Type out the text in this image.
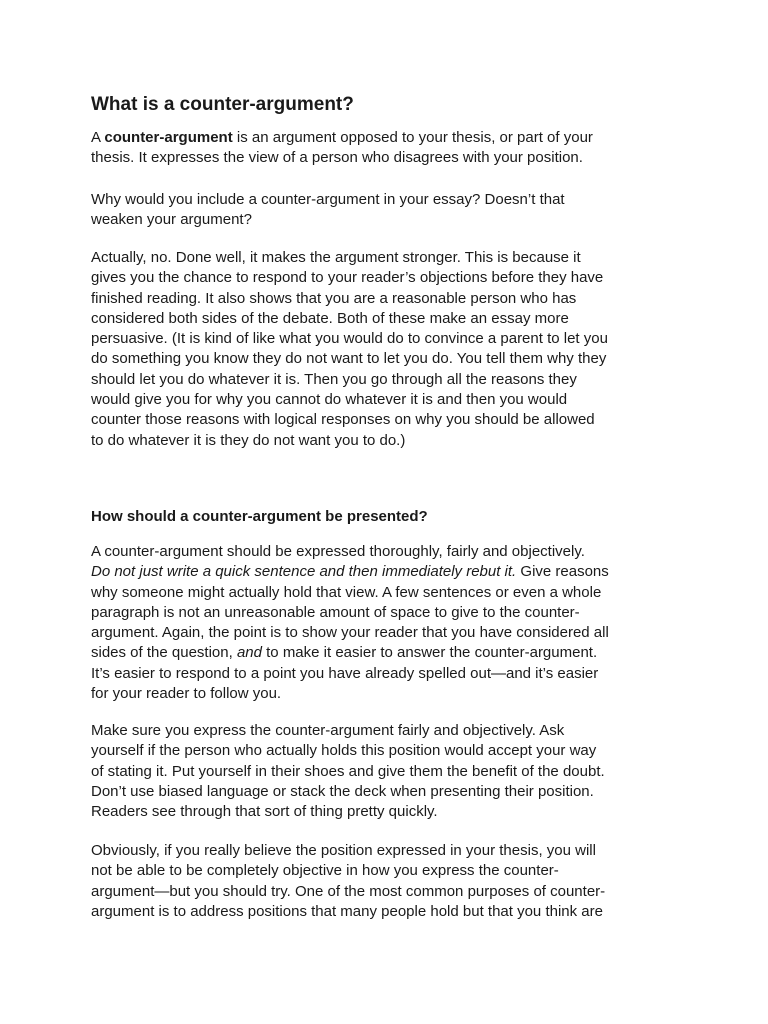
What is a counter-argument?

A counter-argument is an argument opposed to your thesis, or part of your
thesis. It expresses the view of a person who disagrees with your position.

Why would you include a counter-argument in your essay? Doesn’t that
weaken your argument?

Actually, no. Done well, it makes the argument stronger. This is because it
gives you the chance to respond to your reader’s objections before they have
finished reading. It also shows that you are a reasonable person who has
considered both sides of the debate. Both of these make an essay more
persuasive. (It is kind of like what you would do to convince a parent to let you
do something you know they do not want to let you do. You tell them why they
should let you do whatever it is. Then you go through all the reasons they
would give you for why you cannot do whatever it is and then you would
counter those reasons with logical responses on why you should be allowed
to do whatever it is they do not want you to do.)

How should a counter-argument be presented?

A counter-argument should be expressed thoroughly, fairly and objectively.
Do not just write a quick sentence and then immediately rebut it. Give reasons
why someone might actually hold that view. A few sentences or even a whole
paragraph is not an unreasonable amount of space to give to the counter-
argument. Again, the point is to show your reader that you have considered all
sides of the question, and to make it easier to answer the counter-argument.
It’s easier to respond to a point you have already spelled out—and it’s easier
for your reader to follow you.

Make sure you express the counter-argument fairly and objectively. Ask
yourself if the person who actually holds this position would accept your way
of stating it. Put yourself in their shoes and give them the benefit of the doubt.
Don’t use biased language or stack the deck when presenting their position.
Readers see through that sort of thing pretty quickly.

Obviously, if you really believe the position expressed in your thesis, you will
not be able to be completely objective in how you express the counter-
argument—but you should try. One of the most common purposes of counter-
argument is to address positions that many people hold but that you think are
